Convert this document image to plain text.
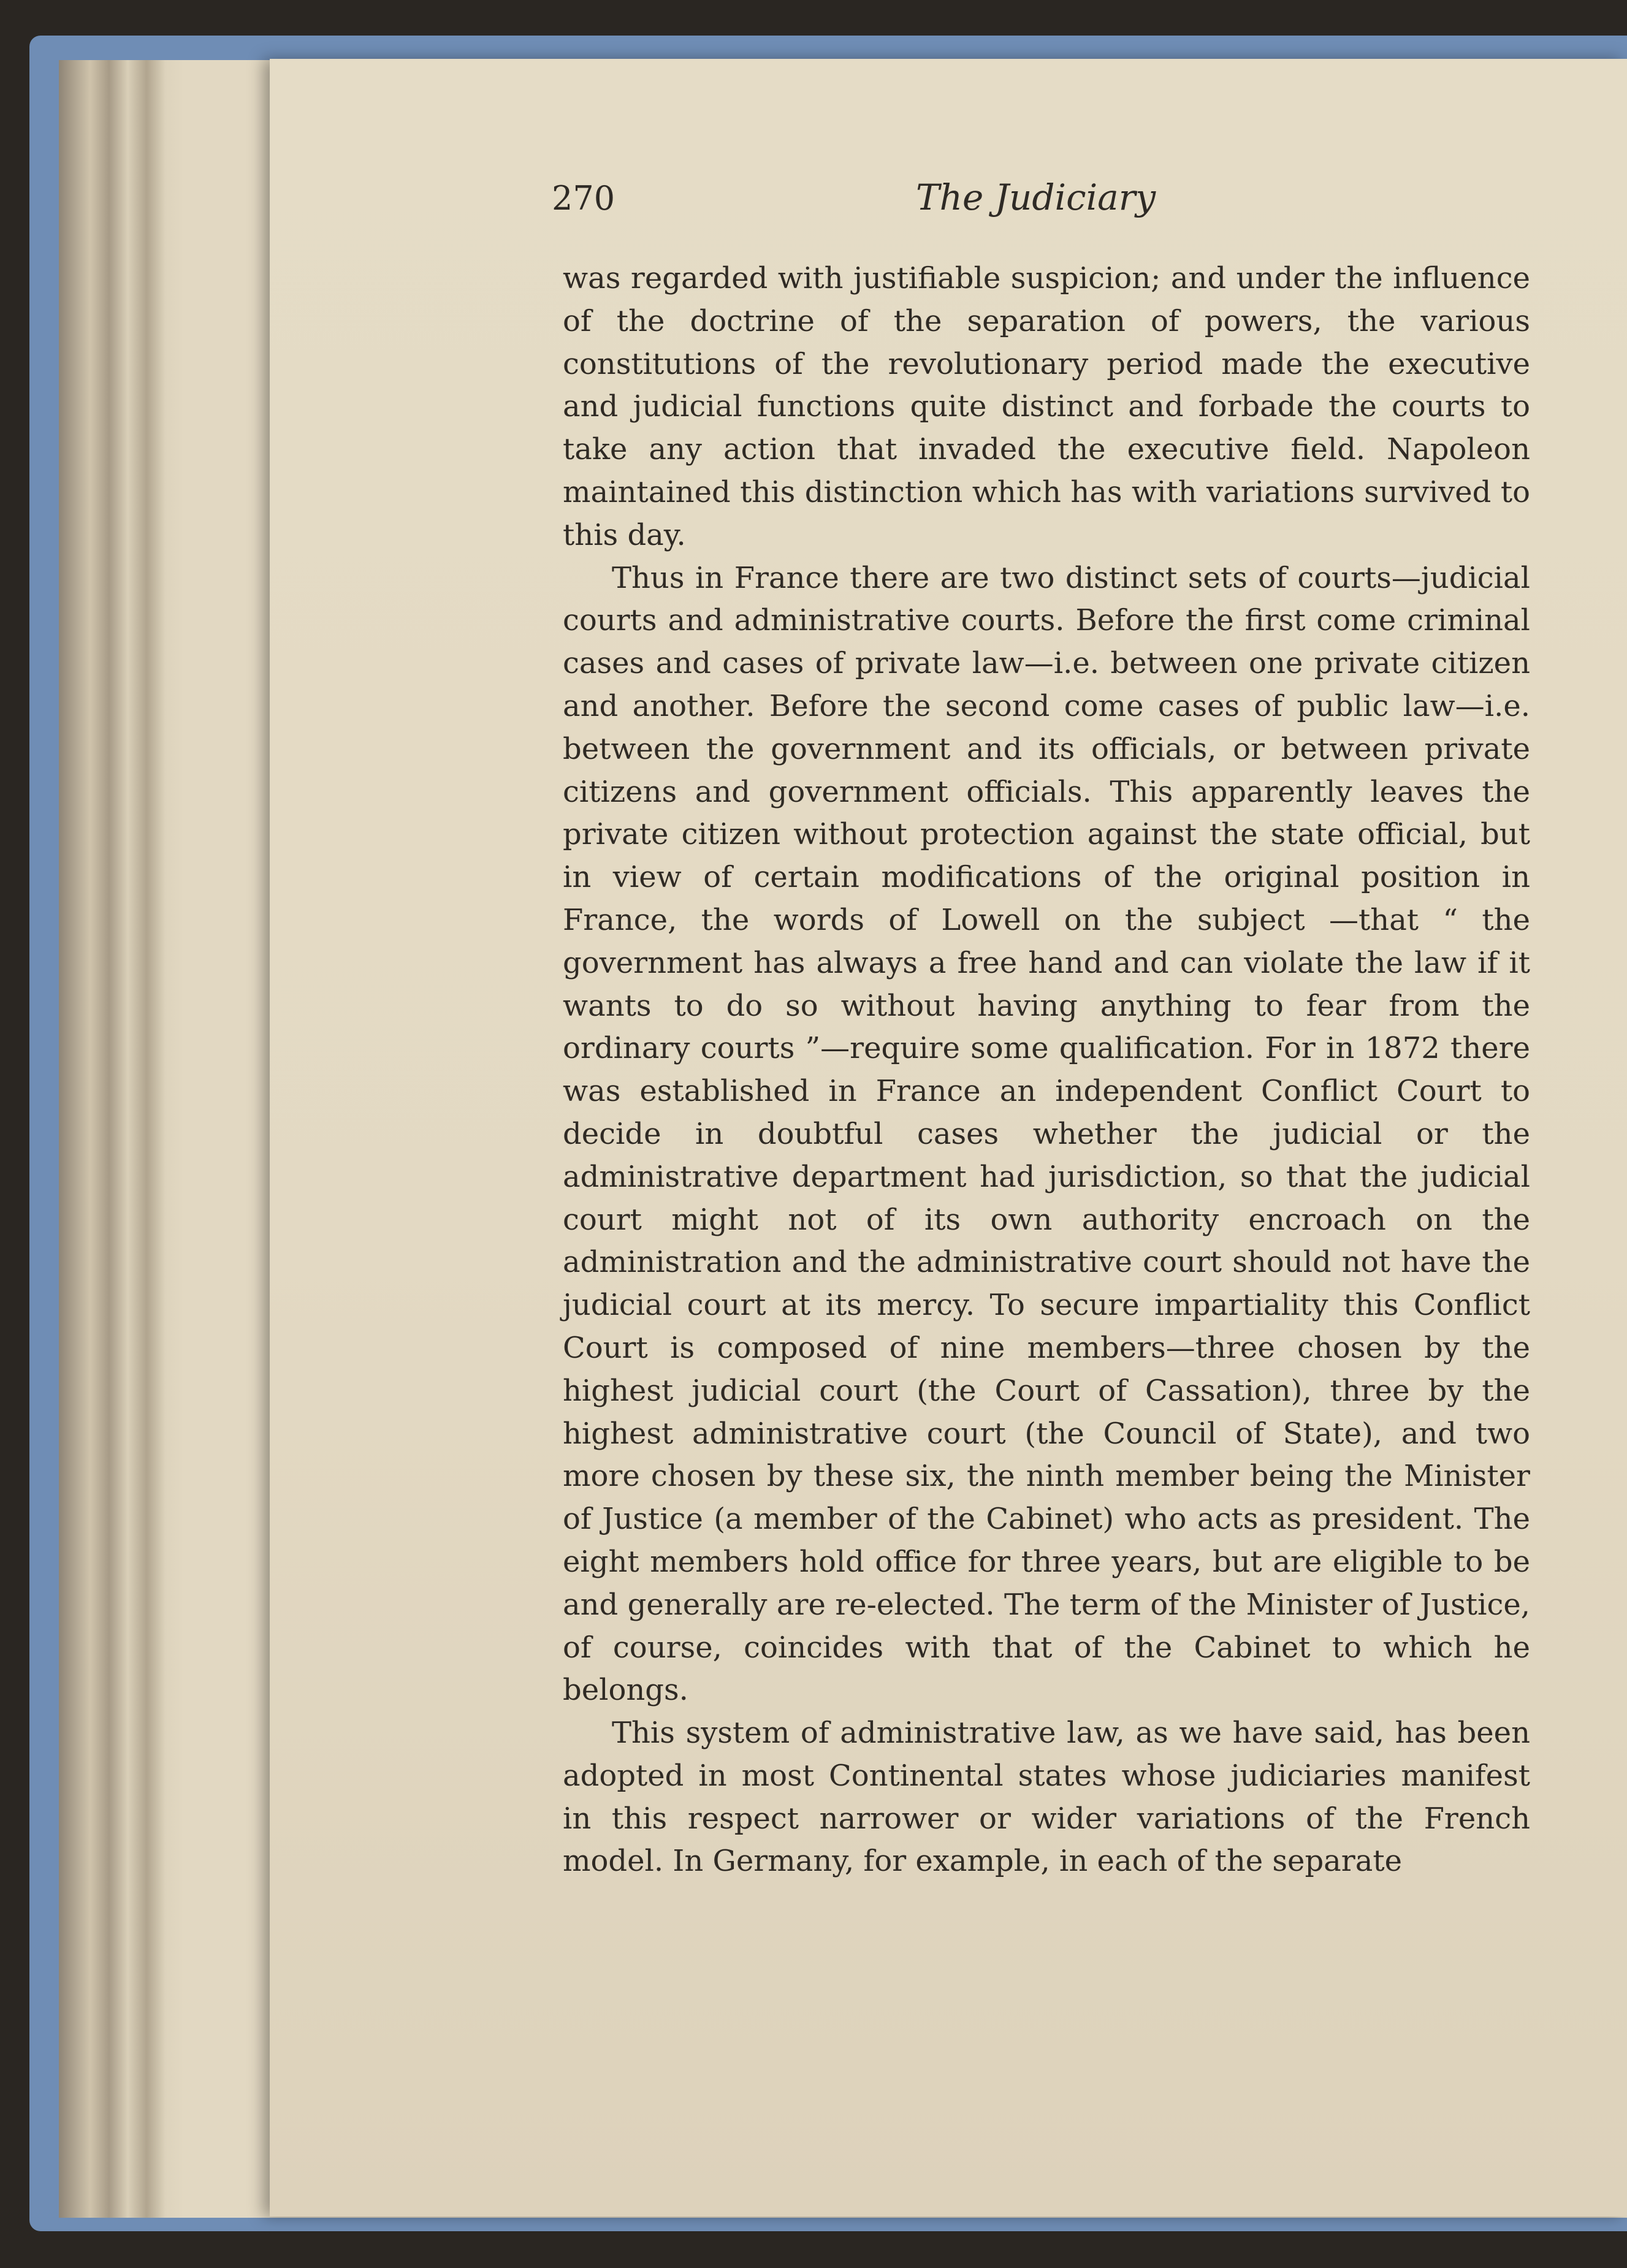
270	The Judiciary

was regarded with justifiable suspicion; and under the influence of the doctrine of the separation of powers, the various constitutions of the revolutionary period made the executive and judicial functions quite distinct and forbade the courts to take any action that invaded the executive field. Napoleon maintained this distinction which has with variations survived to this day.

Thus in France there are two distinct sets of courts—judicial courts and administrative courts. Before the first come criminal cases and cases of private law—i.e. between one private citizen and another. Before the second come cases of public law—i.e. between the government and its officials, or between private citizens and government officials. This apparently leaves the private citizen without protection against the state official, but in view of certain modifications of the original position in France, the words of Lowell on the subject —that “ the government has always a free hand and can violate the law if it wants to do so without having anything to fear from the ordinary courts ”—require some qualification. For in 1872 there was established in France an independent Conflict Court to decide in doubtful cases whether the judicial or the administrative department had jurisdiction, so that the judicial court might not of its own authority encroach on the administration and the administrative court should not have the judicial court at its mercy. To secure impartiality this Conflict Court is composed of nine members—three chosen by the highest judicial court (the Court of Cassation), three by the highest administrative court (the Council of State), and two more chosen by these six, the ninth member being the Minister of Justice (a member of the Cabinet) who acts as president. The eight members hold office for three years, but are eligible to be and generally are re-elected. The term of the Minister of Justice, of course, coincides with that of the Cabinet to which he belongs.

This system of administrative law, as we have said, has been adopted in most Continental states whose judiciaries manifest in this respect narrower or wider variations of the French model. In Germany, for example, in each of the separate
